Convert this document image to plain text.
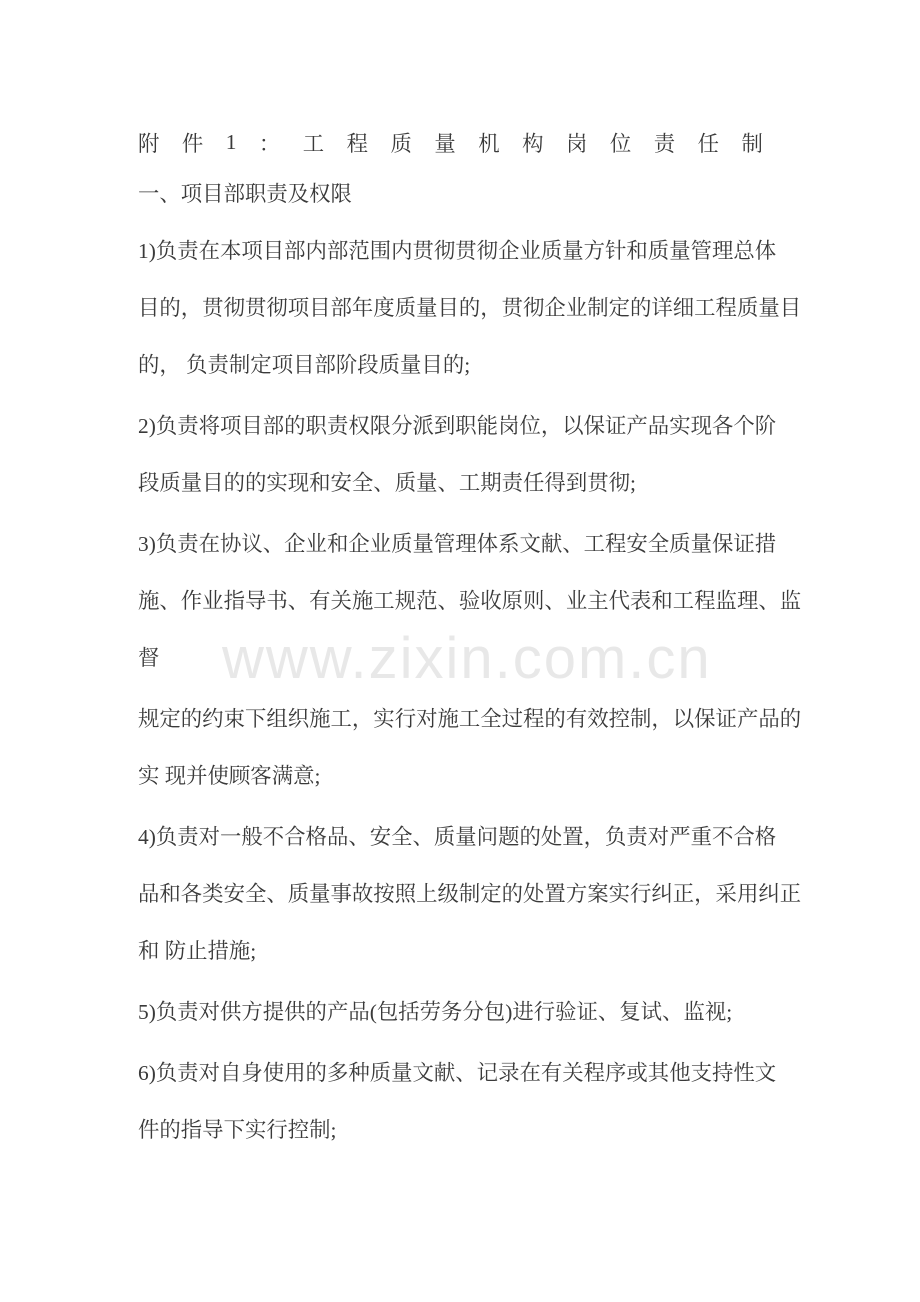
www.zixin.com.cn
附 件 1 ： 工 程 质 量 机 构 岗 位 责 任 制
一、项目部职责及权限
1)负责在本项目部内部范围内贯彻贯彻企业质量方针和质量管理总体
目的，贯彻贯彻项目部年度质量目的，贯彻企业制定的详细工程质量目
的， 负责制定项目部阶段质量目的;
2)负责将项目部的职责权限分派到职能岗位，以保证产品实现各个阶
段质量目的的实现和安全、质量、工期责任得到贯彻;
3)负责在协议、企业和企业质量管理体系文献、工程安全质量保证措
施、作业指导书、有关施工规范、验收原则、业主代表和工程监理、监
督
规定的约束下组织施工，实行对施工全过程的有效控制，以保证产品的
实 现并使顾客满意;
4)负责对一般不合格品、安全、质量问题的处置，负责对严重不合格
品和各类安全、质量事故按照上级制定的处置方案实行纠正，采用纠正
和 防止措施;
5)负责对供方提供的产品(包括劳务分包)进行验证、复试、监视;
6)负责对自身使用的多种质量文献、记录在有关程序或其他支持性文
件的指导下实行控制;
